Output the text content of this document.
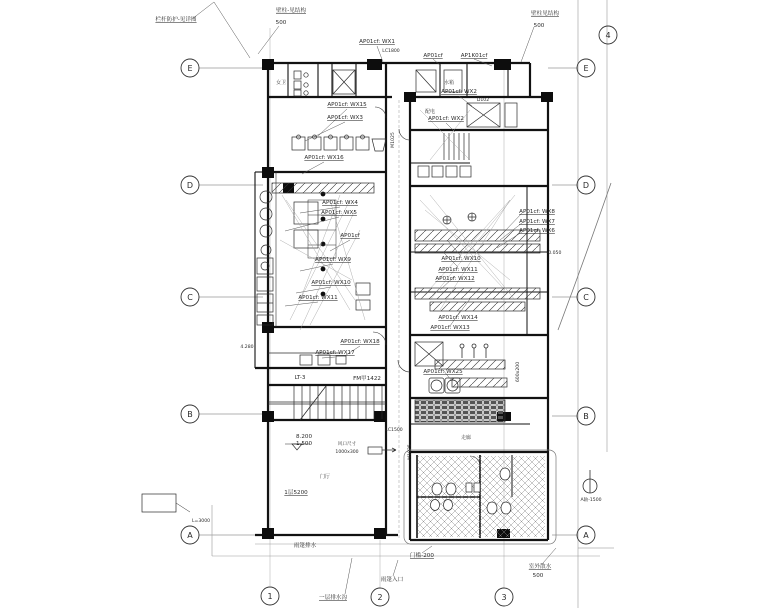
E
D
C
B
A
E
D
C
B
A
1	2	3
4
AP01cf: WX1
AP01cf	AP1K01cf
AP01cf: WX2
AP01cf: WX2
AP01cf: WX15
AP01cf: WX3
AP01cf: WX16
AP01cf: WX4
AP01cf: WX5
AP01cf
AP01cf: WX9
AP01cf: WX10
AP01cf: WX11
AP01cf: WX8
AP01cf: WX7
AP01cf: WX6
AP01cf: WX10
AP01cf: WX11
AP01cf: WX12
AP01cf: WX14
AP01cf: WX13
AP01cf: WX18
AP01cf: WX17
AP01cf: WX25
栏杆防护-见详图
壁柱-见结构
500
壁柱见结构
500
LC1800
LC1500
M1025
M1025
600x200
D102
女卫	水箱
配电
门厅
走廊
LT-3	FM甲1422
8.200
-1.500	风口尺寸
1000x300
4.280
-0.050
1层5200
L=3000
雨篷排水
门槛-200
雨篷入口
一层排水沟
室外散水
500
A轴-1500
